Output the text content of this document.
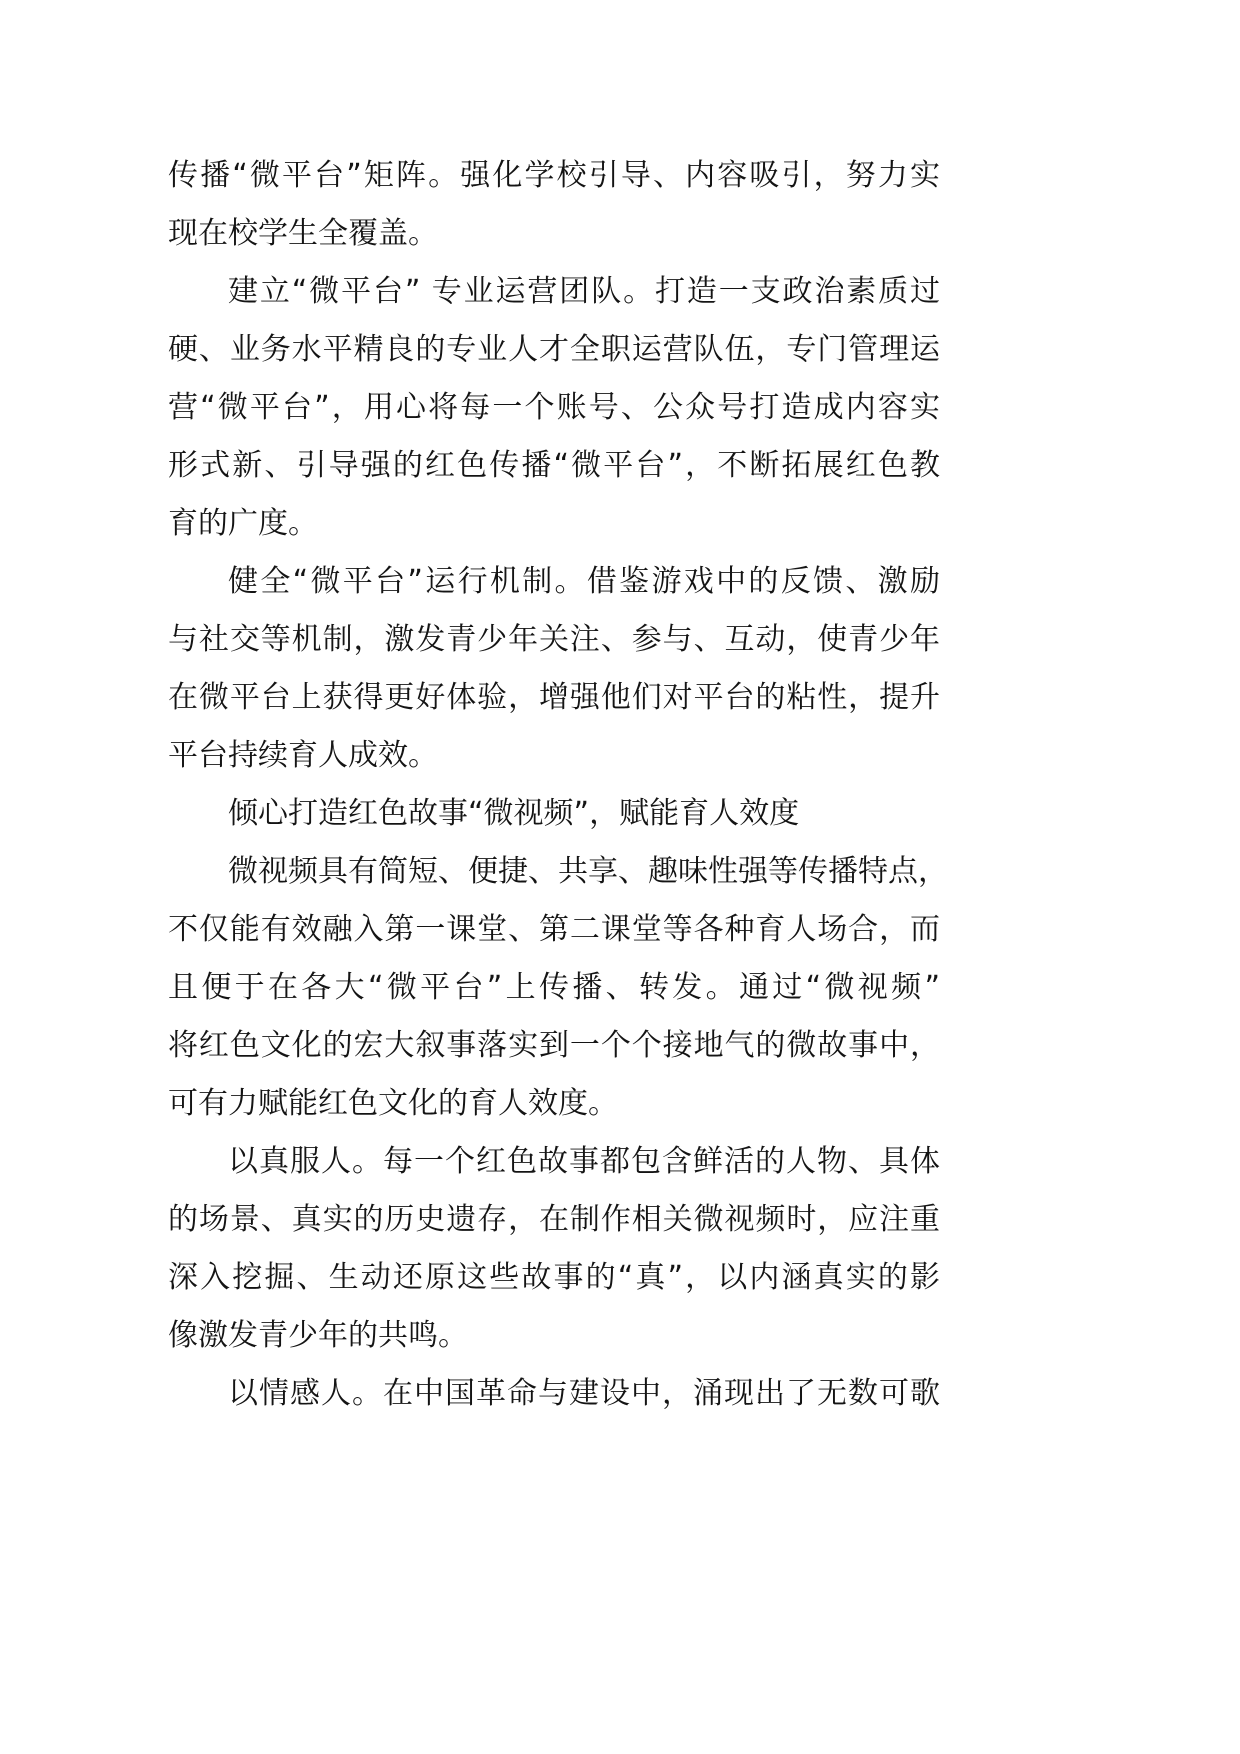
传播“微平台”矩阵。强化学校引导、内容吸引，努力实
现在校学生全覆盖。
建立“微平台” 专业运营团队。打造一支政治素质过
硬、业务水平精良的专业人才全职运营队伍，专门管理运
营“微平台”，用心将每一个账号、公众号打造成内容实
形式新、引导强的红色传播“微平台”，不断拓展红色教
育的广度。
健全“微平台”运行机制。借鉴游戏中的反馈、激励
与社交等机制，激发青少年关注、参与、互动，使青少年
在微平台上获得更好体验，增强他们对平台的粘性，提升
平台持续育人成效。
倾心打造红色故事“微视频”，赋能育人效度
微视频具有简短、便捷、共享、趣味性强等传播特点，
不仅能有效融入第一课堂、第二课堂等各种育人场合，而
且便于在各大“微平台”上传播、转发。通过“微视频”
将红色文化的宏大叙事落实到一个个接地气的微故事中，
可有力赋能红色文化的育人效度。
以真服人。每一个红色故事都包含鲜活的人物、具体
的场景、真实的历史遗存，在制作相关微视频时，应注重
深入挖掘、生动还原这些故事的“真”，以内涵真实的影
像激发青少年的共鸣。
以情感人。在中国革命与建设中，涌现出了无数可歌
